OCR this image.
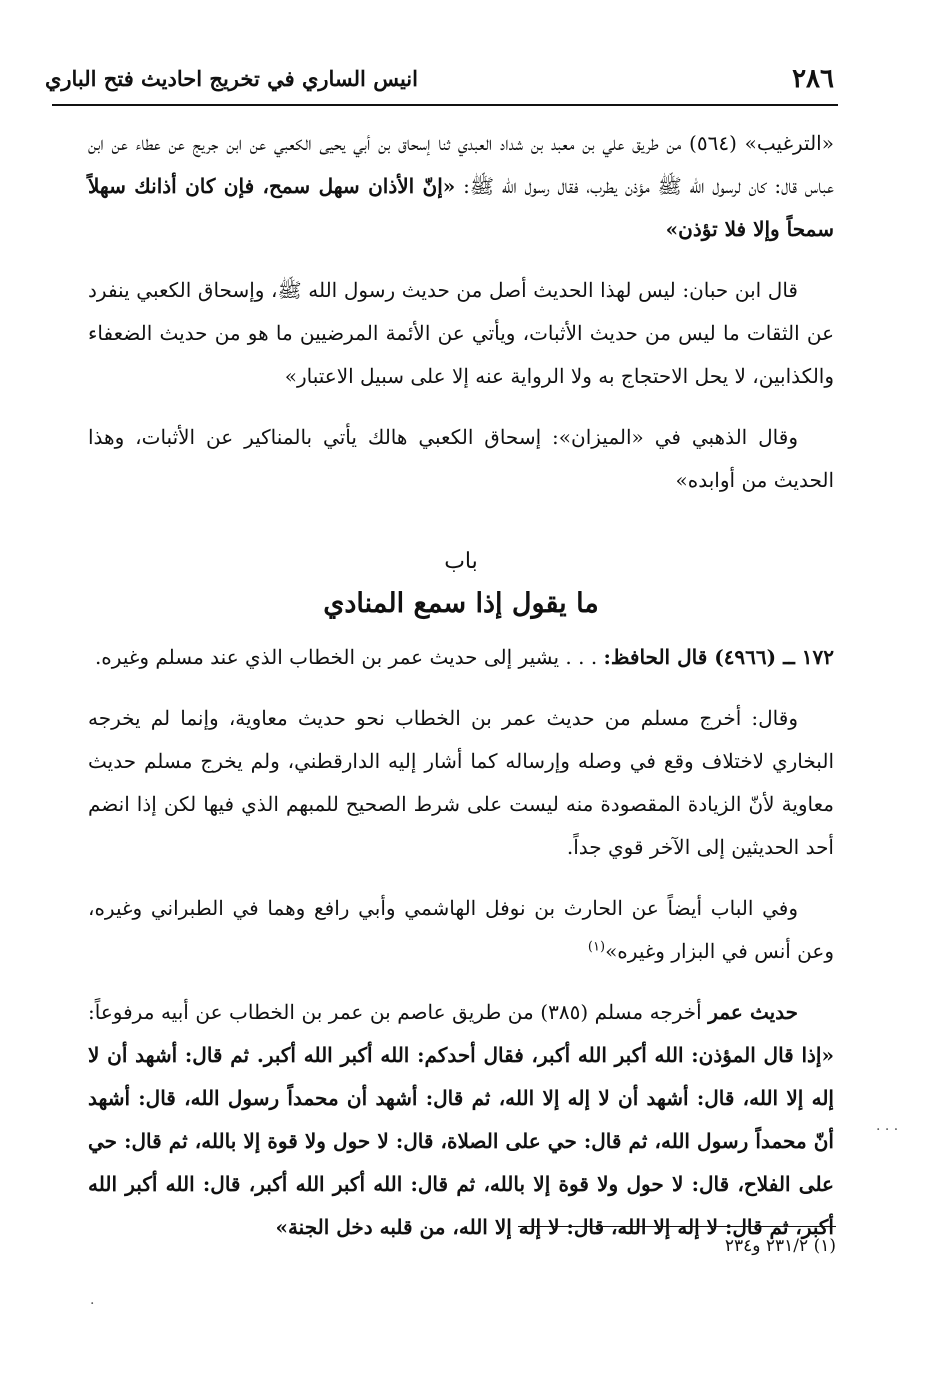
٢٨٦
انيس الساري في تخريج احاديث فتح الباري

«الترغيب» (٥٦٤) من طريق علي بن معبد بن شداد العبدي ثنا إسحاق بن أبي يحيى الكعبي عن ابن جريج عن عطاء عن ابن عباس قال: كان لرسول الله ﷺ مؤذن يطرب، فقال رسول الله ﷺ: «إنّ الأذان سهل سمح، فإن كان أذانك سهلاً سمحاً وإلا فلا تؤذن»

قال ابن حبان: ليس لهذا الحديث أصل من حديث رسول الله ﷺ، وإسحاق الكعبي ينفرد عن الثقات ما ليس من حديث الأثبات، ويأتي عن الأئمة المرضيين ما هو من حديث الضعفاء والكذابين، لا يحل الاحتجاج به ولا الرواية عنه إلا على سبيل الاعتبار»

وقال الذهبي في «الميزان»: إسحاق الكعبي هالك يأتي بالمناكير عن الأثبات، وهذا الحديث من أوابده»

باب
ما يقول إذا سمع المنادي

١٧٢ ــ (٤٩٦٦) قال الحافظ: . . . يشير إلى حديث عمر بن الخطاب الذي عند مسلم وغيره.

وقال: أخرج مسلم من حديث عمر بن الخطاب نحو حديث معاوية، وإنما لم يخرجه البخاري لاختلاف وقع في وصله وإرساله كما أشار إليه الدارقطني، ولم يخرج مسلم حديث معاوية لأنّ الزيادة المقصودة منه ليست على شرط الصحيح للمبهم الذي فيها لكن إذا انضم أحد الحديثين إلى الآخر قوي جداً.

وفي الباب أيضاً عن الحارث بن نوفل الهاشمي وأبي رافع وهما في الطبراني وغيره، وعن أنس في البزار وغيره»$^{(١)}$

حديث عمر أخرجه مسلم (٣٨٥) من طريق عاصم بن عمر بن الخطاب عن أبيه مرفوعاً: «إذا قال المؤذن: الله أكبر الله أكبر، فقال أحدكم: الله أكبر الله أكبر. ثم قال: أشهد أن لا إله إلا الله، قال: أشهد أن لا إله إلا الله، ثم قال: أشهد أن محمداً رسول الله، قال: أشهد أنّ محمداً رسول الله، ثم قال: حي على الصلاة، قال: لا حول ولا قوة إلا بالله، ثم قال: حي على الفلاح، قال: لا حول ولا قوة إلا بالله، ثم قال: الله أكبر الله أكبر، قال: الله أكبر الله أكبر، ثم قال: لا إله إلا الله، قال: لا إله إلا الله، من قلبه دخل الجنة»

(١) ٢٣١/٢ و٢٣٤
· · ·
·
